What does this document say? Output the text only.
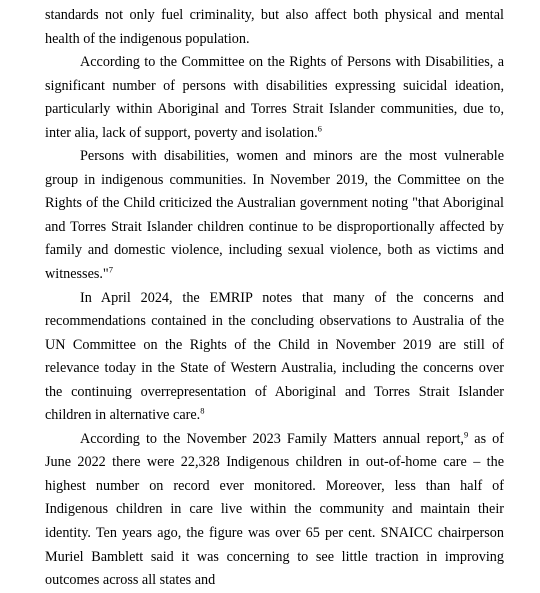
standards not only fuel criminality, but also affect both physical and mental health of the indigenous population.

According to the Committee on the Rights of Persons with Disabilities, a significant number of persons with disabilities expressing suicidal ideation, particularly within Aboriginal and Torres Strait Islander communities, due to, inter alia, lack of support, poverty and isolation.$^6$

Persons with disabilities, women and minors are the most vulnerable group in indigenous communities. In November 2019, the Committee on the Rights of the Child criticized the Australian government noting "that Aboriginal and Torres Strait Islander children continue to be disproportionally affected by family and domestic violence, including sexual violence, both as victims and witnesses."$^7$

In April 2024, the EMRIP notes that many of the concerns and recommendations contained in the concluding observations to Australia of the UN Committee on the Rights of the Child in November 2019 are still of relevance today in the State of Western Australia, including the concerns over the continuing overrepresentation of Aboriginal and Torres Strait Islander children in alternative care.$^8$

According to the November 2023 Family Matters annual report,$^9$ as of June 2022 there were 22,328 Indigenous children in out-of-home care – the highest number on record ever monitored. Moreover, less than half of Indigenous children in care live within the community and maintain their identity. Ten years ago, the figure was over 65 per cent. SNAICC chairperson Muriel Bamblett said it was concerning to see little traction in improving outcomes across all states and
